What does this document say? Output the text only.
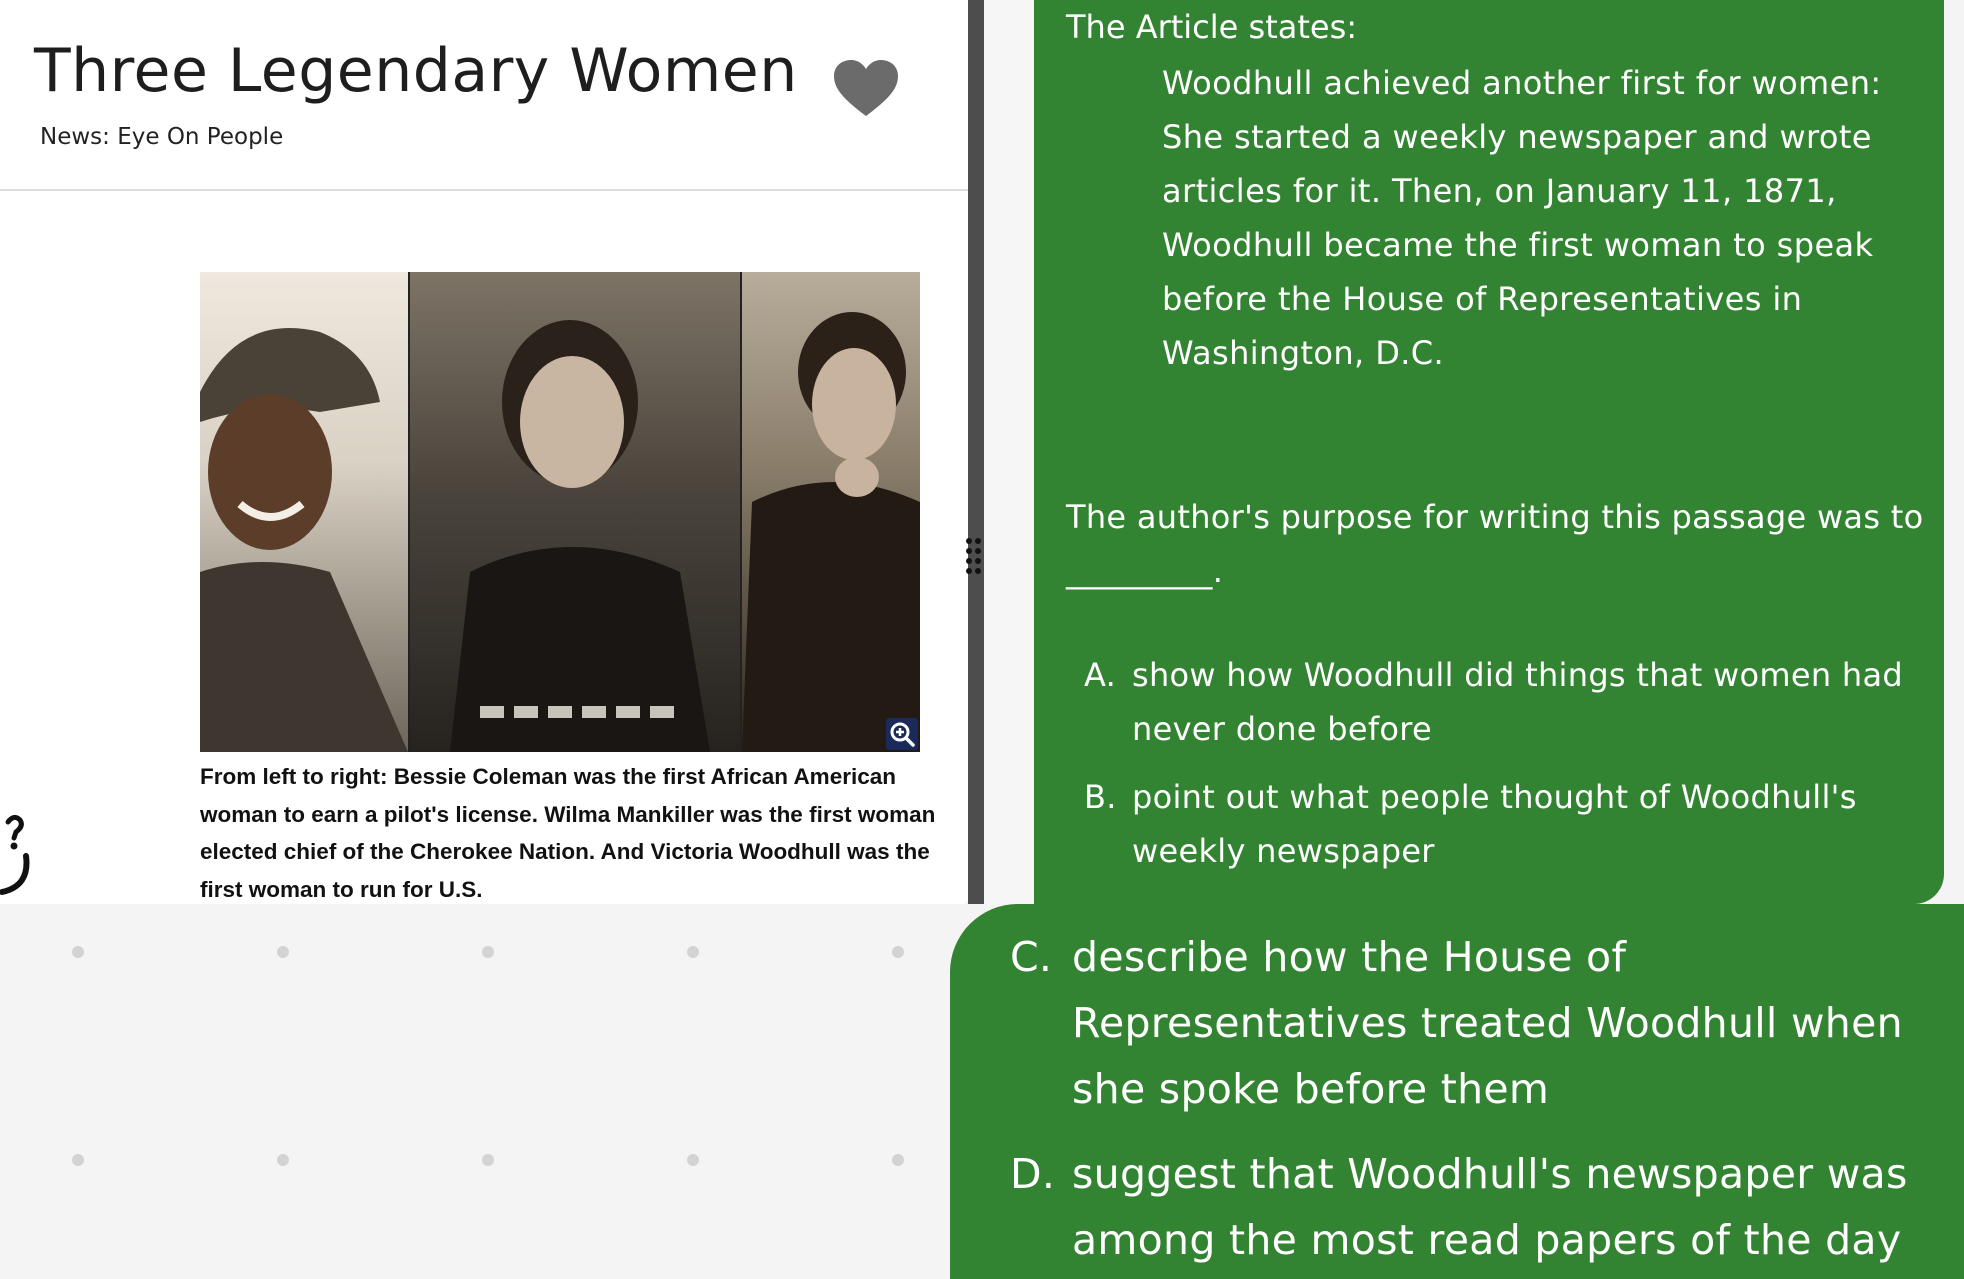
Three Legendary Women
News: Eye On People

From left to right: Bessie Coleman was the first African American woman to earn a pilot's license. Wilma Mankiller was the first woman elected chief of the Cherokee Nation. And Victoria Woodhull was the first woman to run for U.S.

The Article states:

Woodhull achieved another first for women: She started a weekly newspaper and wrote articles for it. Then, on January 11, 1871, Woodhull became the first woman to speak before the House of Representatives in Washington, D.C.

The author's purpose for writing this passage was to _________.

A. show how Woodhull did things that women had never done before
B. point out what people thought of Woodhull's weekly newspaper
C. describe how the House of Representatives treated Woodhull when she spoke before them
D. suggest that Woodhull's newspaper was among the most read papers of the day
